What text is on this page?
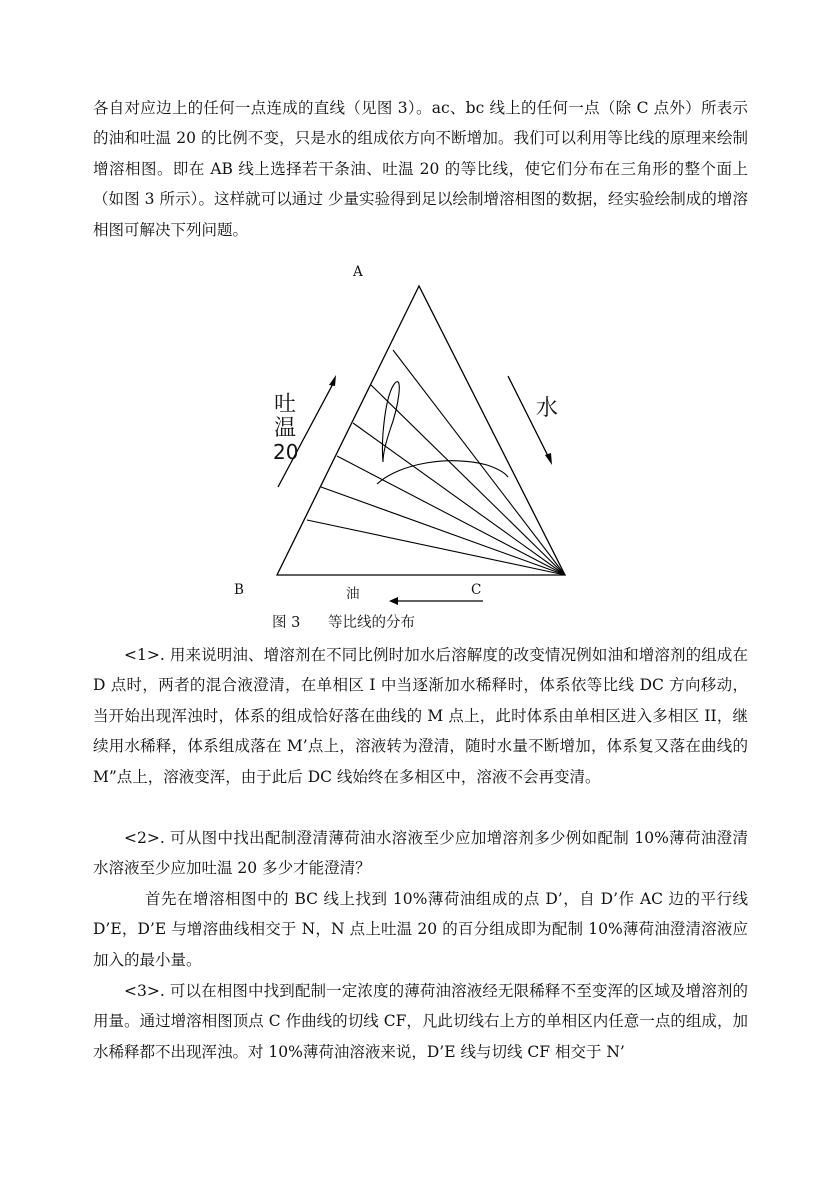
各自对应边上的任何一点连成的直线（见图 3）。ac、bc 线上的任何一点（除 C 点外）所表示的油和吐温 20 的比例不变，只是水的组成依方向不断增加。我们可以利用等比线的原理来绘制增溶相图。即在 AB 线上选择若干条油、吐温 20 的等比线，使它们分布在三角形的整个面上（如图 3 所示）。这样就可以通过 少量实验得到足以绘制增溶相图的数据，经实验绘制成的增溶相图可解决下列问题。

A
B	C
油
吐
温
20
水
图 3      等比线的分布

<1>. 用来说明油、增溶剂在不同比例时加水后溶解度的改变情况例如油和增溶剂的组成在 D 点时，两者的混合液澄清，在单相区 I 中当逐渐加水稀释时，体系依等比线 DC 方向移动，当开始出现浑浊时，体系的组成恰好落在曲线的 M 点上，此时体系由单相区进入多相区 II，继续用水稀释，体系组成落在 M’点上，溶液转为澄清，随时水量不断增加，体系复又落在曲线的 M”点上，溶液变浑，由于此后 DC 线始终在多相区中，溶液不会再变清。

<2>. 可从图中找出配制澄清薄荷油水溶液至少应加增溶剂多少例如配制 10%薄荷油澄清水溶液至少应加吐温 20 多少才能澄清？

首先在增溶相图中的 BC 线上找到 10%薄荷油组成的点 D’，自 D’作 AC 边的平行线 D’E，D’E 与增溶曲线相交于 N，N 点上吐温 20 的百分组成即为配制 10%薄荷油澄清溶液应加入的最小量。

<3>. 可以在相图中找到配制一定浓度的薄荷油溶液经无限稀释不至变浑的区域及增溶剂的用量。通过增溶相图顶点 C 作曲线的切线 CF，凡此切线右上方的单相区内任意一点的组成，加水稀释都不出现浑浊。对 10%薄荷油溶液来说，D’E 线与切线 CF 相交于 N’
